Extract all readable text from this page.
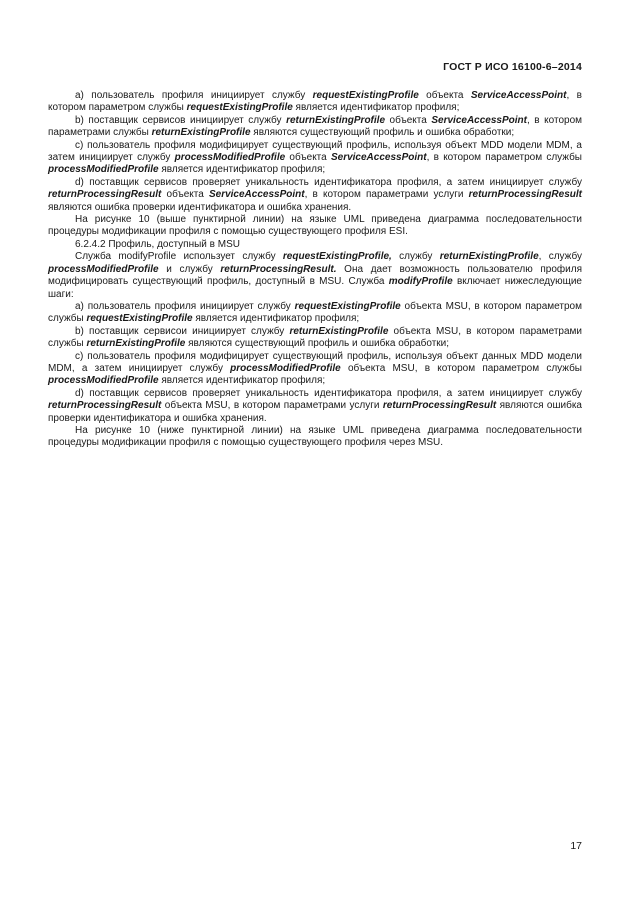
ГОСТ Р ИСО 16100-6–2014

a) пользователь профиля инициирует службу requestExistingProfile объекта ServiceAccessPoint, в котором параметром службы requestExistingProfile является идентификатор профиля;

b) поставщик сервисов инициирует службу returnExistingProfile объекта ServiceAccessPoint, в котором параметрами службы returnExistingProfile являются существующий профиль и ошибка обработки;

c) пользователь профиля модифицирует существующий профиль, используя объект MDD модели MDM, а затем инициирует службу processModifiedProfile объекта ServiceAccessPoint, в котором параметром службы processModifiedProfile является идентификатор профиля;

d) поставщик сервисов проверяет уникальность идентификатора профиля, а затем инициирует службу returnProcessingResult объекта ServiceAccessPoint, в котором параметрами услуги returnProcessingResult являются ошибка проверки идентификатора и ошибка хранения.

На рисунке 10 (выше пунктирной линии) на языке UML приведена диаграмма последовательности процедуры модификации профиля с помощью существующего профиля ESI.

6.2.4.2 Профиль, доступный в MSU

Служба modifyProfile использует службу requestExistingProfile, службу returnExistingProfile, службу processModifiedProfile и службу returnProcessingResult. Она дает возможность пользователю профиля модифицировать существующий профиль, доступный в MSU. Служба modifyProfile включает нижеследующие шаги:

a) пользователь профиля инициирует службу requestExistingProfile объекта MSU, в котором параметром службы requestExistingProfile является идентификатор профиля;

b) поставщик сервисои инициирует службу returnExistingProfile объекта MSU, в котором параметрами службы returnExistingProfile являются существующий профиль и ошибка обработки;

c) пользователь профиля модифицирует существующий профиль, используя объект данных MDD модели MDM, а затем инициирует службу processModifiedProfile объекта MSU, в котором параметром службы processModifiedProfile является идентификатор профиля;

d) поставщик сервисов проверяет уникальность идентификатора профиля, а затем инициирует службу returnProcessingResult объекта MSU, в котором параметрами услуги returnProcessingResult являются ошибка проверки идентификатора и ошибка хранения.

На рисунке 10 (ниже пунктирной линии) на языке UML приведена диаграмма последовательности процедуры модификации профиля с помощью существующего профиля через MSU.

17
